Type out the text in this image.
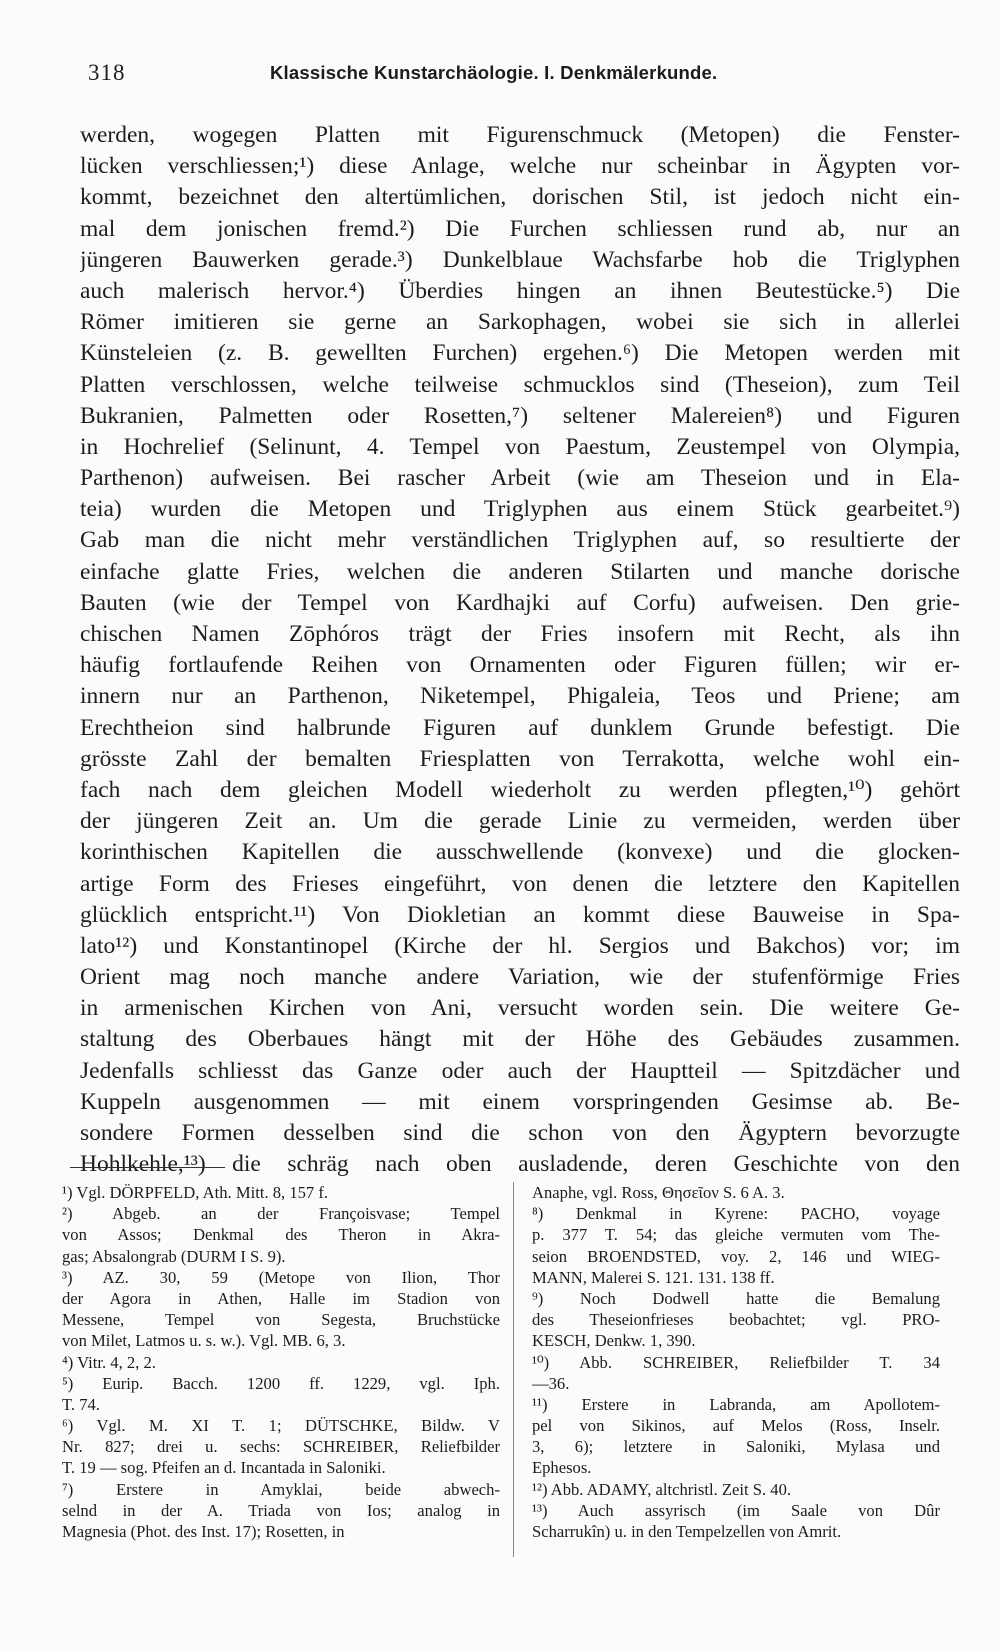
318	Klassische Kunstarchäologie. I. Denkmälerkunde.
werden, wogegen Platten mit Figurenschmuck (Metopen) die Fenster-
lücken verschliessen;¹) diese Anlage, welche nur scheinbar in Ägypten vor-
kommt, bezeichnet den altertümlichen, dorischen Stil, ist jedoch nicht ein-
mal dem jonischen fremd.²) Die Furchen schliessen rund ab, nur an
jüngeren Bauwerken gerade.³) Dunkelblaue Wachsfarbe hob die Triglyphen
auch malerisch hervor.⁴) Überdies hingen an ihnen Beutestücke.⁵) Die
Römer imitieren sie gerne an Sarkophagen, wobei sie sich in allerlei
Künsteleien (z. B. gewellten Furchen) ergehen.⁶) Die Metopen werden mit
Platten verschlossen, welche teilweise schmucklos sind (Theseion), zum Teil
Bukranien, Palmetten oder Rosetten,⁷) seltener Malereien⁸) und Figuren
in Hochrelief (Selinunt, 4. Tempel von Paestum, Zeustempel von Olympia,
Parthenon) aufweisen. Bei rascher Arbeit (wie am Theseion und in Ela-
teia) wurden die Metopen und Triglyphen aus einem Stück gearbeitet.⁹)
Gab man die nicht mehr verständlichen Triglyphen auf, so resultierte der
einfache glatte Fries, welchen die anderen Stilarten und manche dorische
Bauten (wie der Tempel von Kardhajki auf Corfu) aufweisen. Den grie-
chischen Namen Zōphóros trägt der Fries insofern mit Recht, als ihn
häufig fortlaufende Reihen von Ornamenten oder Figuren füllen; wir er-
innern nur an Parthenon, Niketempel, Phigaleia, Teos und Priene; am
Erechtheion sind halbrunde Figuren auf dunklem Grunde befestigt. Die
grösste Zahl der bemalten Friesplatten von Terrakotta, welche wohl ein-
fach nach dem gleichen Modell wiederholt zu werden pflegten,¹⁰) gehört
der jüngeren Zeit an. Um die gerade Linie zu vermeiden, werden über
korinthischen Kapitellen die ausschwellende (konvexe) und die glocken-
artige Form des Frieses eingeführt, von denen die letztere den Kapitellen
glücklich entspricht.¹¹) Von Diokletian an kommt diese Bauweise in Spa-
lato¹²) und Konstantinopel (Kirche der hl. Sergios und Bakchos) vor; im
Orient mag noch manche andere Variation, wie der stufenförmige Fries
in armenischen Kirchen von Ani, versucht worden sein. Die weitere Ge-
staltung des Oberbaues hängt mit der Höhe des Gebäudes zusammen.
Jedenfalls schliesst das Ganze oder auch der Hauptteil — Spitzdächer und
Kuppeln ausgenommen — mit einem vorspringenden Gesimse ab. Be-
sondere Formen desselben sind die schon von den Ägyptern bevorzugte
Hohlkehle,¹³) die schräg nach oben ausladende, deren Geschichte von den
¹) Vgl. DÖRPFELD, Ath. Mitt. 8, 157 f.
²) Abgeb. an der Françoisvase; Tempel
von Assos; Denkmal des Theron in Akra-
gas; Absalongrab (DURM I S. 9).
³) AZ. 30, 59 (Metope von Ilion, Thor
der Agora in Athen, Halle im Stadion von
Messene, Tempel von Segesta, Bruchstücke
von Milet, Latmos u. s. w.). Vgl. MB. 6, 3.
⁴) Vitr. 4, 2, 2.
⁵) Eurip. Bacch. 1200 ff. 1229, vgl. Iph.
T. 74.
⁶) Vgl. M. XI T. 1; DÜTSCHKE, Bildw. V
Nr. 827; drei u. sechs: SCHREIBER, Reliefbilder
T. 19 — sog. Pfeifen an d. Incantada in Saloniki.
⁷) Erstere in Amyklai, beide abwech-
selnd in der A. Triada von Ios; analog in
Magnesia (Phot. des Inst. 17); Rosetten, in
Anaphe, vgl. Ross, Θησεῖον S. 6 A. 3.
⁸) Denkmal in Kyrene: PACHO, voyage
p. 377 T. 54; das gleiche vermuten vom The-
seion BROENDSTED, voy. 2, 146 und WIEG-
MANN, Malerei S. 121. 131. 138 ff.
⁹) Noch Dodwell hatte die Bemalung
des Theseionfrieses beobachtet; vgl. PRO-
KESCH, Denkw. 1, 390.
¹⁰) Abb. SCHREIBER, Reliefbilder T. 34
—36.
¹¹) Erstere in Labranda, am Apollotem-
pel von Sikinos, auf Melos (Ross, Inselr.
3, 6); letztere in Saloniki, Mylasa und
Ephesos.
¹²) Abb. ADAMY, altchristl. Zeit S. 40.
¹³) Auch assyrisch (im Saale von Dûr
Scharrukîn) u. in den Tempelzellen von Amrit.
